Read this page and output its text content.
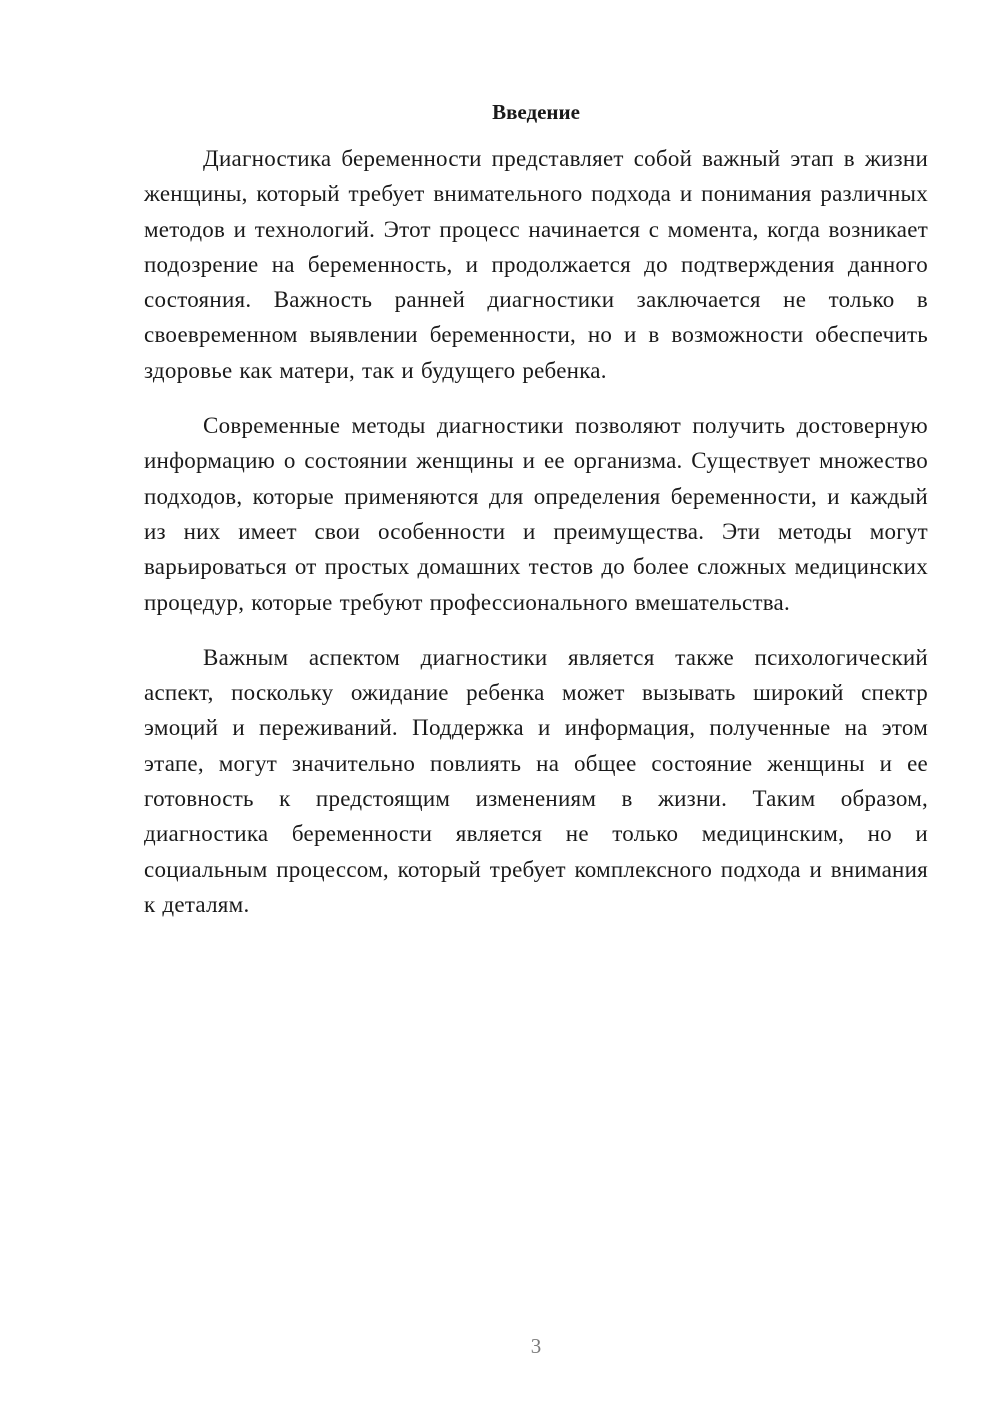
Введение

Диагностика беременности представляет собой важный этап в жизни женщины, который требует внимательного подхода и понимания различных методов и технологий. Этот процесс начинается с момента, когда возникает подозрение на беременность, и продолжается до подтверждения данного состояния. Важность ранней диагностики заключается не только в своевременном выявлении беременности, но и в возможности обеспечить здоровье как матери, так и будущего ребенка.

Современные методы диагностики позволяют получить достоверную информацию о состоянии женщины и ее организма. Существует множество подходов, которые применяются для определения беременности, и каждый из них имеет свои особенности и преимущества. Эти методы могут варьироваться от простых домашних тестов до более сложных медицинских процедур, которые требуют профессионального вмешательства.

Важным аспектом диагностики является также психологический аспект, поскольку ожидание ребенка может вызывать широкий спектр эмоций и переживаний. Поддержка и информация, полученные на этом этапе, могут значительно повлиять на общее состояние женщины и ее готовность к предстоящим изменениям в жизни. Таким образом, диагностика беременности является не только медицинским, но и социальным процессом, который требует комплексного подхода и внимания к деталям.

3
